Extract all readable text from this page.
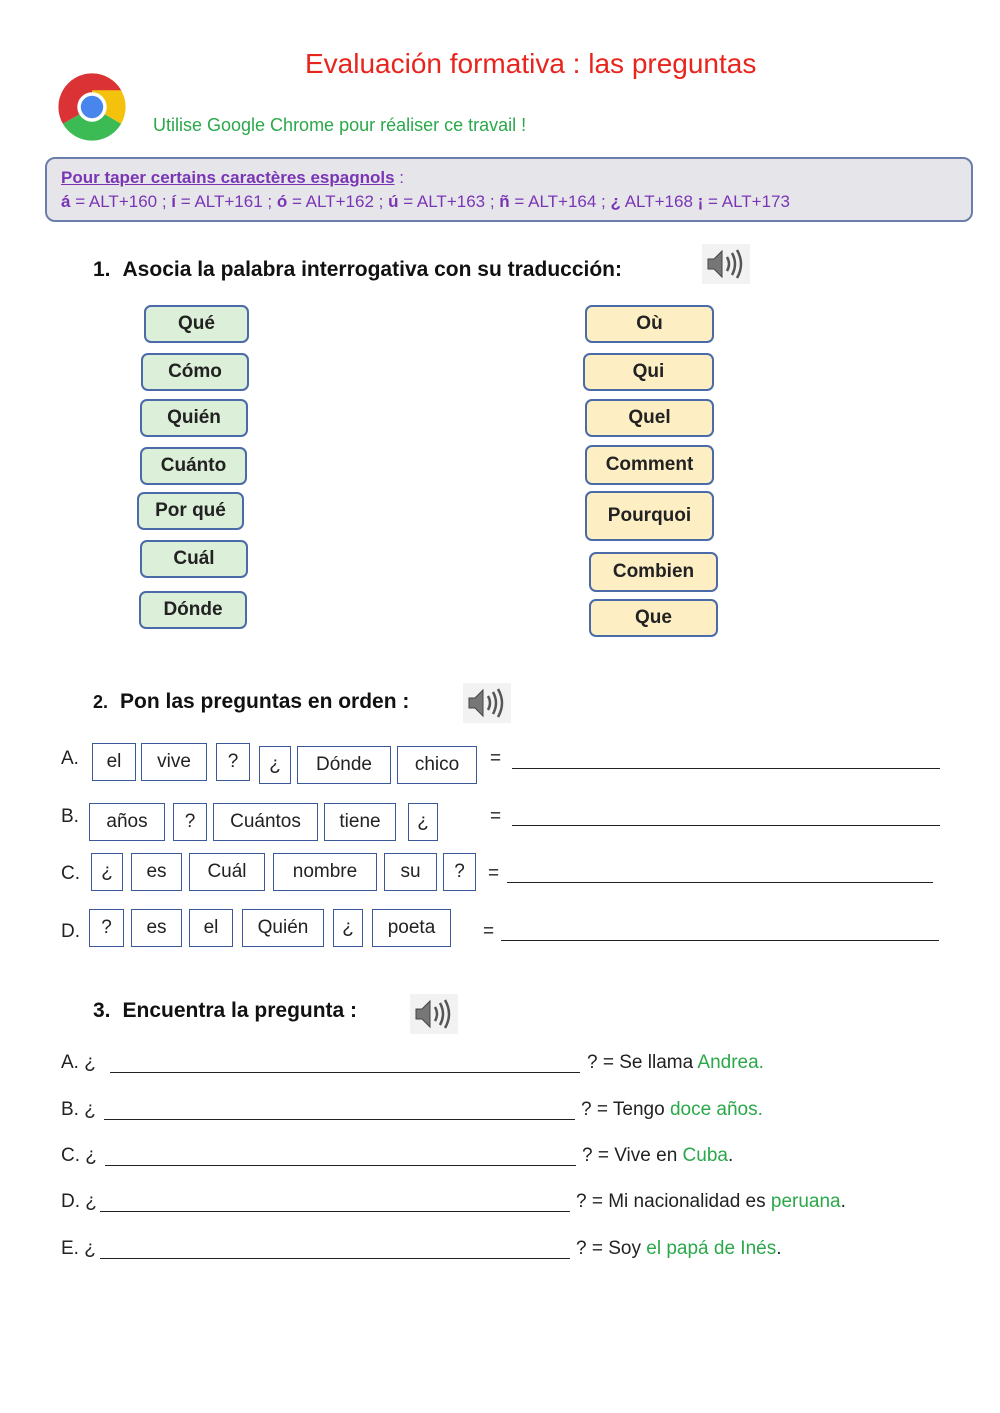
Evaluación formativa : las preguntas
Utilise Google Chrome pour réaliser ce travail !
Pour taper certains caractères espagnols :
á = ALT+160 ; í = ALT+161 ; ó = ALT+162 ; ú = ALT+163 ; ñ = ALT+164 ; ¿ ALT+168 ¡ = ALT+173
1. Asocia la palabra interrogativa con su traducción:
Qué
Cómo
Quién
Cuánto
Por qué
Cuál
Dónde
Où
Qui
Quel
Comment
Pourquoi
Combien
Que
2. Pon las preguntas en orden :
A.	el	vive	?	¿	Dónde	chico	=
B.	años	?	Cuántos	tiene	¿	=
C.	¿	es	Cuál	nombre	su	?	=
D.	?	es	el	Quién	¿	poeta	=
3. Encuentra la pregunta :
A. ¿	? = Se llama Andrea.
B. ¿	? = Tengo doce años.
C. ¿	? = Vive en Cuba.
D. ¿	? = Mi nacionalidad es peruana.
E. ¿	? = Soy el papá de Inés.
